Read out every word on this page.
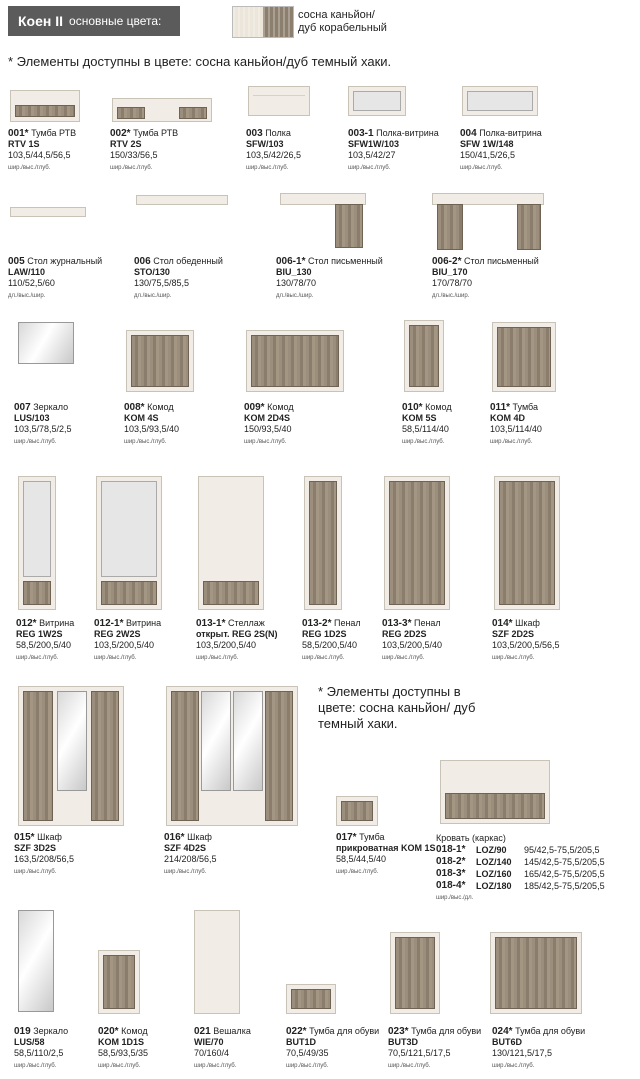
Коен II основные цвета:	сосна каньйон/
дуб корабельный
* Элементы доступны в цвете: сосна каньйон/дуб темный хаки.
* Элементы доступны в цвете: сосна каньйон/ дуб темный хаки.
001* Тумба РТВ
RTV 1S
103,5/44,5/56,5
шир./выс./глуб.
002* Тумба РТВ
RTV 2S
150/33/56,5
шир./выс./глуб.
003 Полка
SFW/103
103,5/42/26,5
шир./выс./глуб.
003-1 Полка-витрина
SFW1W/103
103,5/42/27
шир./выс./глуб.
004 Полка-витрина
SFW 1W/148
150/41,5/26,5
шир./выс./глуб.
005 Стол журнальный
LAW/110
110/52,5/60
дл./выс./шир.
006 Стол обеденный
STO/130
130/75,5/85,5
дл./выс./шир.
006-1* Стол письменный
BIU_130
130/78/70
дл./выс./шир.
006-2* Стол письменный
BIU_170
170/78/70
дл./выс./шир.
007 Зеркало
LUS/103
103,5/78,5/2,5
шир./выс./глуб.
008* Комод
KOM 4S
103,5/93,5/40
шир./выс./глуб.
009* Комод
KOM 2D4S
150/93,5/40
шир./выс./глуб.
010* Комод
KOM 5S
58,5/114/40
шир./выс./глуб.
011* Тумба
KOM 4D
103,5/114/40
шир./выс./глуб.
012* Витрина
REG 1W2S
58,5/200,5/40
шир./выс./глуб.
012-1* Витрина
REG 2W2S
103,5/200,5/40
шир./выс./глуб.
013-1* Стеллаж
открыт. REG 2S(N)
103,5/200,5/40
шир./выс./глуб.
013-2* Пенал
REG 1D2S
58,5/200,5/40
шир./выс./глуб.
013-3* Пенал
REG 2D2S
103,5/200,5/40
шир./выс./глуб.
014* Шкаф
SZF 2D2S
103,5/200,5/56,5
шир./выс./глуб.
015* Шкаф
SZF 3D2S
163,5/208/56,5
шир./выс./глуб.
016* Шкаф
SZF 4D2S
214/208/56,5
шир./выс./глуб.
017* Тумба
прикроватная KOM 1S
58,5/44,5/40
шир./выс./глуб.
019 Зеркало
LUS/58
58,5/110/2,5
шир./выс./глуб.
020* Комод
KOM 1D1S
58,5/93,5/35
шир./выс./глуб.
021 Вешалка
WIE/70
70/160/4
шир./выс./глуб.
022* Тумба для обуви
BUT1D
70,5/49/35
шир./выс./глуб.
023* Тумба для обуви
BUT3D
70,5/121,5/17,5
шир./выс./глуб.
024* Тумба для обуви
BUT6D
130/121,5/17,5
шир./выс./глуб.
Кровать (каркас)
018-1*	LOZ/90	95/42,5-75,5/205,5
018-2*	LOZ/140	145/42,5-75,5/205,5
018-3*	LOZ/160	165/42,5-75,5/205,5
018-4*	LOZ/180	185/42,5-75,5/205,5
шир./выс./дл.
